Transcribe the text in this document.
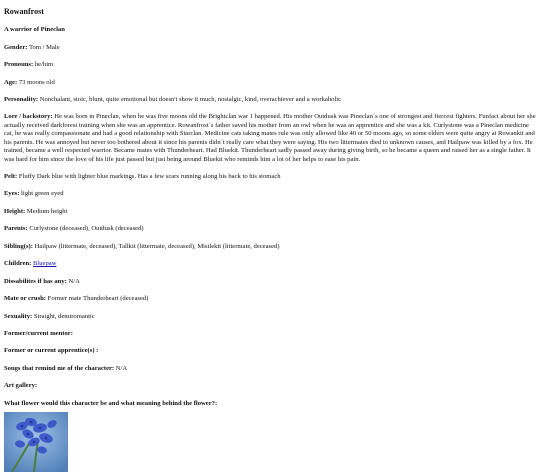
Rowanfrost
A warrior of Pineclan
Gender: Tom / Male
Pronouns: he/him
Age: 73 moons old
Personality: Nonchalant, stoic, blunt, quite emotional but doesn't show it much, nostalgic, kind, overachiever and a workaholic
Lore / backstory: He was born in Pineclan, when he was five moons old the Brightclan war 1 happened. His mother Outdusk was Pineclan´s one of strongest and fiercest fighters. Funfact about her she actually received darkforest training when she was an apprentice. Rowanfrost´s father saved his mother from an owl when he was an apprentice and she was a kit. Curlystone was a Pineclan medicine cat, he was really compassionate and had a good relationship with Starclan. Medicine cats taking mates rule was only allowed like 40 or 50 moons ago, so some elders were quite angry at Rowankit and his parents. He was annoyed but never too bothered about it since his parents didn´t really care what they were saying. His two littermates died to unknown causes, and Hailpaw was killed by a fox. He trained, became a well respected warrior. Became mates with Thunderheart. Had Bluekit. Thunderheart sadly passed away during giving birth, so he became a queen and raised her as a single father. It was hard for him since the love of his life just passed but just being around Bluekit who reminds him a lot of her helps to ease his pain.
Pelt: Fluffy Dark blue with lighter blue markings. Has a few scars running along his back to his stomach
Eyes: light green eyed
Height: Medium height
Parents: Curlystone (deceased), Outdusk (deceased)
Sibling(s): Hailpaw (littermate, deceased), Tallkit (littermate, deceased), Mistlekit (littermate, deceased)
Children: Bluepaw
Dissabilites if has any: N/A
Mate or crush: Former mate Thunderheart (deceased)
Sexuality: Straight, demiromantic
Former/current mentor:
Former or current apprentice(s) :
Songs that remind me of the character: N/A
Art gallery:
What flower would this character be and what meaning behind the flower?:
